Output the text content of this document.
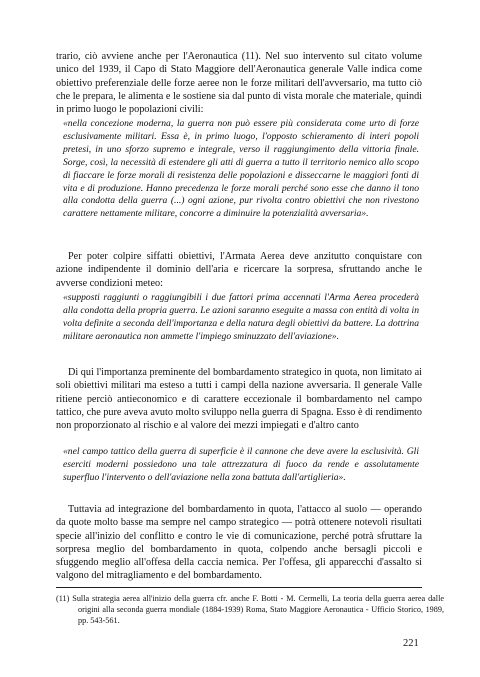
trario, ciò avviene anche per l'Aeronautica (11). Nel suo intervento sul citato volume unico del 1939, il Capo di Stato Maggiore dell'Aeronautica generale Valle indica come obiettivo preferenziale delle forze aeree non le forze militari dell'avversario, ma tutto ciò che le prepara, le alimenta e le sostiene sia dal punto di vista morale che materiale, quindi in primo luogo le popolazioni civili:

«nella concezione moderna, la guerra non può essere più considerata come urto di forze esclusivamente militari. Essa è, in primo luogo, l'opposto schieramento di interi popoli pretesi, in uno sforzo supremo e integrale, verso il raggiungimento della vittoria finale. Sorge, così, la necessità di estendere gli atti di guerra a tutto il territorio nemico allo scopo di fiaccare le forze morali di resistenza delle popolazioni e disseccarne le maggiori fonti di vita e di produzione. Hanno precedenza le forze morali perché sono esse che danno il tono alla condotta della guerra (...) ogni azione, pur rivolta contro obiettivi che non rivestono carattere nettamente militare, concorre a diminuire la potenzialità avversaria».

Per poter colpire siffatti obiettivi, l'Armata Aerea deve anzitutto conquistare con azione indipendente il dominio dell'aria e ricercare la sorpresa, sfruttando anche le avverse condizioni meteo:

«supposti raggiunti o raggiungibili i due fattori prima accennati l'Arma Aerea procederà alla condotta della propria guerra. Le azioni saranno eseguite a massa con entità di volta in volta definite a seconda dell'importanza e della natura degli obiettivi da battere. La dottrina militare aeronautica non ammette l'impiego sminuzzato dell'aviazione».

Di qui l'importanza preminente del bombardamento strategico in quota, non limitato ai soli obiettivi militari ma esteso a tutti i campi della nazione avversaria. Il generale Valle ritiene perciò antieconomico e di carattere eccezionale il bombardamento nel campo tattico, che pure aveva avuto molto sviluppo nella guerra di Spagna. Esso è di rendimento non proporzionato al rischio e al valore dei mezzi impiegati e d'altro canto

«nel campo tattico della guerra di superficie è il cannone che deve avere la esclusività. Gli eserciti moderni possiedono una tale attrezzatura di fuoco da rende e assolutamente superfluo l'intervento o dell'aviazione nella zona battuta dall'artiglieria».

Tuttavia ad integrazione del bombardamento in quota, l'attacco al suolo — operando da quote molto basse ma sempre nel campo strategico — potrà ottenere notevoli risultati specie all'inizio del conflitto e contro le vie di comunicazione, perché potrà sfruttare la sorpresa meglio del bombardamento in quota, colpendo anche bersagli piccoli e sfuggendo meglio all'offesa della caccia nemica. Per l'offesa, gli apparecchi d'assalto si valgono del mitragliamento e del bombardamento.

(11) Sulla strategia aerea all'inizio della guerra cfr. anche F. Botti - M. Cermelli, La teoria della guerra aerea dalle origini alla seconda guerra mondiale (1884-1939) Roma, Stato Maggiore Aeronautica - Ufficio Storico, 1989, pp. 543-561.

221
